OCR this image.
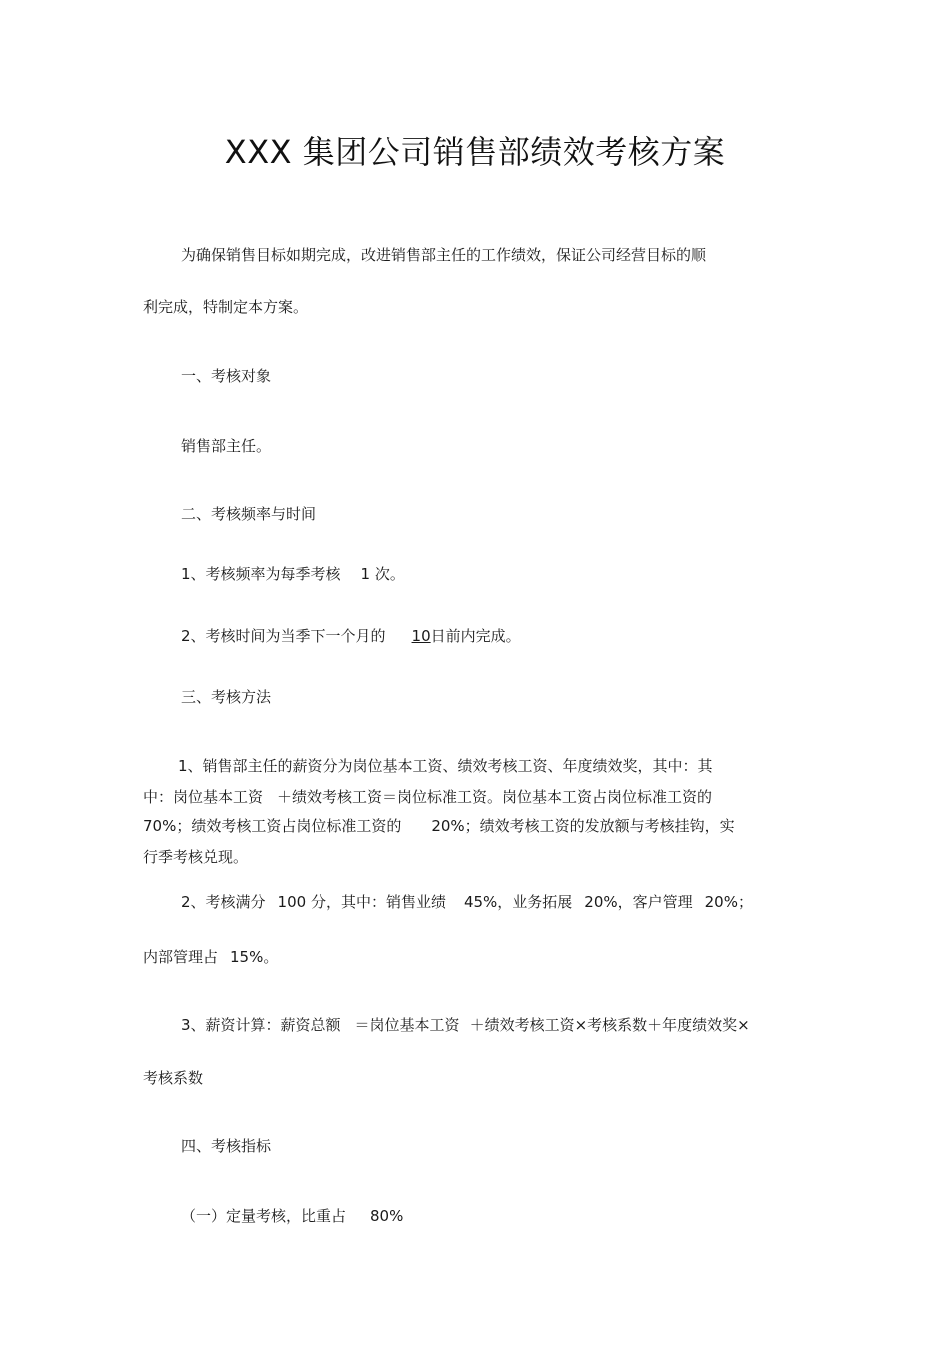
XXX 集团公司销售部绩效考核方案
为确保销售目标如期完成，改进销售部主任的工作绩效，保证公司经营目标的顺
利完成，特制定本方案。
一、考核对象
销售部主任。
二、考核频率与时间
1、考核频率为每季考核 1 次。
2、考核时间为当季下一个月的 10日前内完成。
三、考核方法
1、销售部主任的薪资分为岗位基本工资、绩效考核工资、年度绩效奖，其中：其
中：岗位基本工资 ＋绩效考核工资＝岗位标准工资。岗位基本工资占岗位标准工资的
70%；绩效考核工资占岗位标准工资的 20%；绩效考核工资的发放额与考核挂钩，实
行季考核兑现。
2、考核满分 100 分，其中：销售业绩 45%，业务拓展 20%，客户管理 20%；
内部管理占 15%。
3、薪资计算：薪资总额 ＝岗位基本工资 ＋绩效考核工资×考核系数＋年度绩效奖×
考核系数
四、考核指标
（一）定量考核，比重占 80%
